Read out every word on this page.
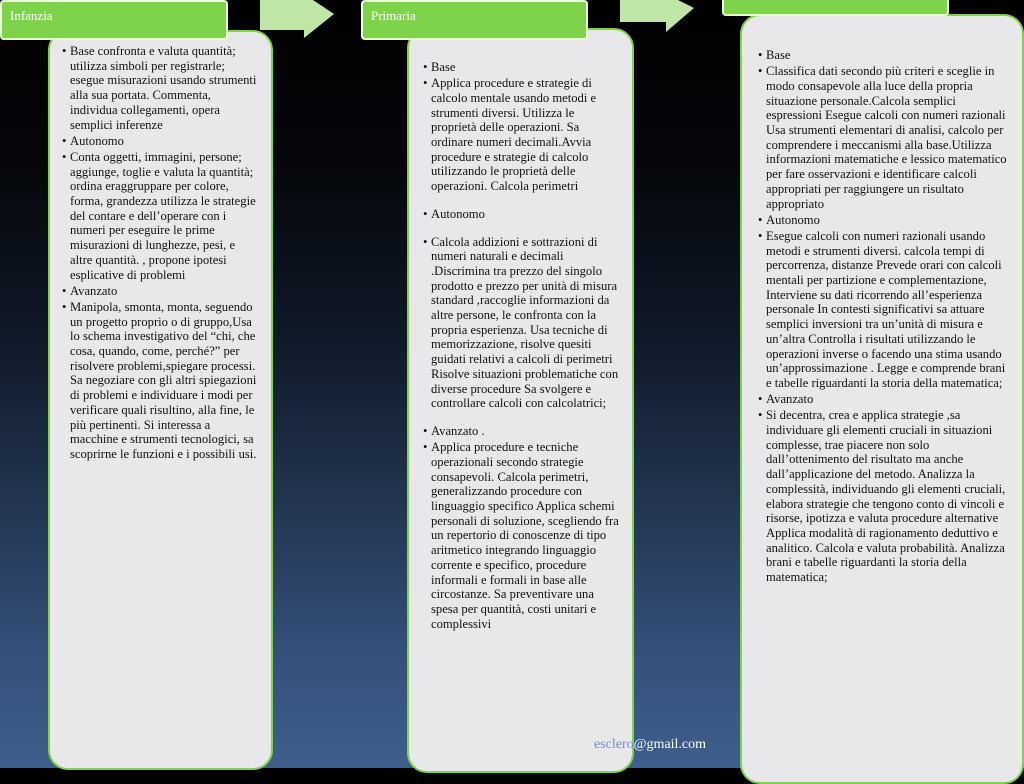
• Base confronta e valuta quantità; utilizza simboli per registrarle; esegue misurazioni usando strumenti alla sua portata. Commenta, individua collegamenti, opera semplici inferenze
• Autonomo
• Conta oggetti, immagini, persone; aggiunge, toglie e valuta la quantità; ordina eraggruppare per colore, forma, grandezza utilizza le strategie del contare e dell’operare con i numeri per eseguire le prime misurazioni di lunghezze, pesi, e altre quantità. , propone ipotesi esplicative di problemi
• Avanzato
• Manipola, smonta, monta, seguendo un progetto proprio o di gruppo,Usa lo schema investigativo del “chi, che cosa, quando, come, perché?” per risolvere problemi,spiegare processi. Sa negoziare con gli altri spiegazioni di problemi e individuare i modi per verificare quali risultino, alla fine, le più pertinenti. Si interessa a macchine e strumenti tecnologici, sa scoprirne le funzioni e i possibili usi.
Infanzia
• Base
• Applica procedure e strategie di calcolo mentale usando metodi e strumenti diversi. Utilizza le proprietà delle operazioni. Sa ordinare numeri decimali.Avvia procedure e strategie di calcolo utilizzando le proprietà delle operazioni. Calcola perimetri
• Autonomo
• Calcola addizioni e sottrazioni di numeri naturali e decimali .Discrimina tra prezzo del singolo prodotto e prezzo per unità di misura standard ,raccoglie informazioni da altre persone, le confronta con la propria esperienza. Usa tecniche di memorizzazione, risolve quesiti guidati relativi a calcoli di perimetri Risolve situazioni problematiche con diverse procedure Sa svolgere e controllare calcoli con calcolatrici;
• Avanzato .
• Applica procedure e tecniche operazionali secondo strategie consapevoli. Calcola perimetri, generalizzando procedure con linguaggio specifico Applica schemi personali di soluzione, scegliendo fra un repertorio di conoscenze di tipo aritmetico integrando linguaggio corrente e specifico, procedure informali e formali in base alle circostanze. Sa preventivare una spesa per quantità, costi unitari e complessivi
Primaria
• Base
• Classifica dati secondo più criteri e sceglie in modo consapevole alla luce della propria situazione personale.Calcola semplici espressioni Esegue calcoli con numeri razionali Usa strumenti elementari di analisi, calcolo per comprendere i meccanismi alla base.Utilizza informazioni matematiche e lessico matematico per fare osservazioni e identificare calcoli appropriati per raggiungere un risultato appropriato
• Autonomo
• Esegue calcoli con numeri razionali usando metodi e strumenti diversi. calcola tempi di percorrenza, distanze Prevede orari con calcoli mentali per partizione e complementazione, Interviene su dati ricorrendo all’esperienza personale In contesti significativi sa attuare semplici inversioni tra un’unità di misura e un’altra Controlla i risultati utilizzando le operazioni inverse o facendo una stima usando un’approssimazione . Legge e comprende brani e tabelle riguardanti la storia della matematica;
• Avanzato
• Si decentra, crea e applica strategie ,sa individuare gli elementi cruciali in situazioni complesse, trae piacere non solo dall’ottenimento del risultato ma anche dall’applicazione del metodo. Analizza la complessità, individuando gli elementi cruciali, elabora strategie che tengono conto di vincoli e risorse, ipotizza e valuta procedure alternative Applica modalità di ragionamento deduttivo e analitico. Calcola e valuta probabilità. Analizza brani e tabelle riguardanti la storia della matematica;
esclero@gmail.com
